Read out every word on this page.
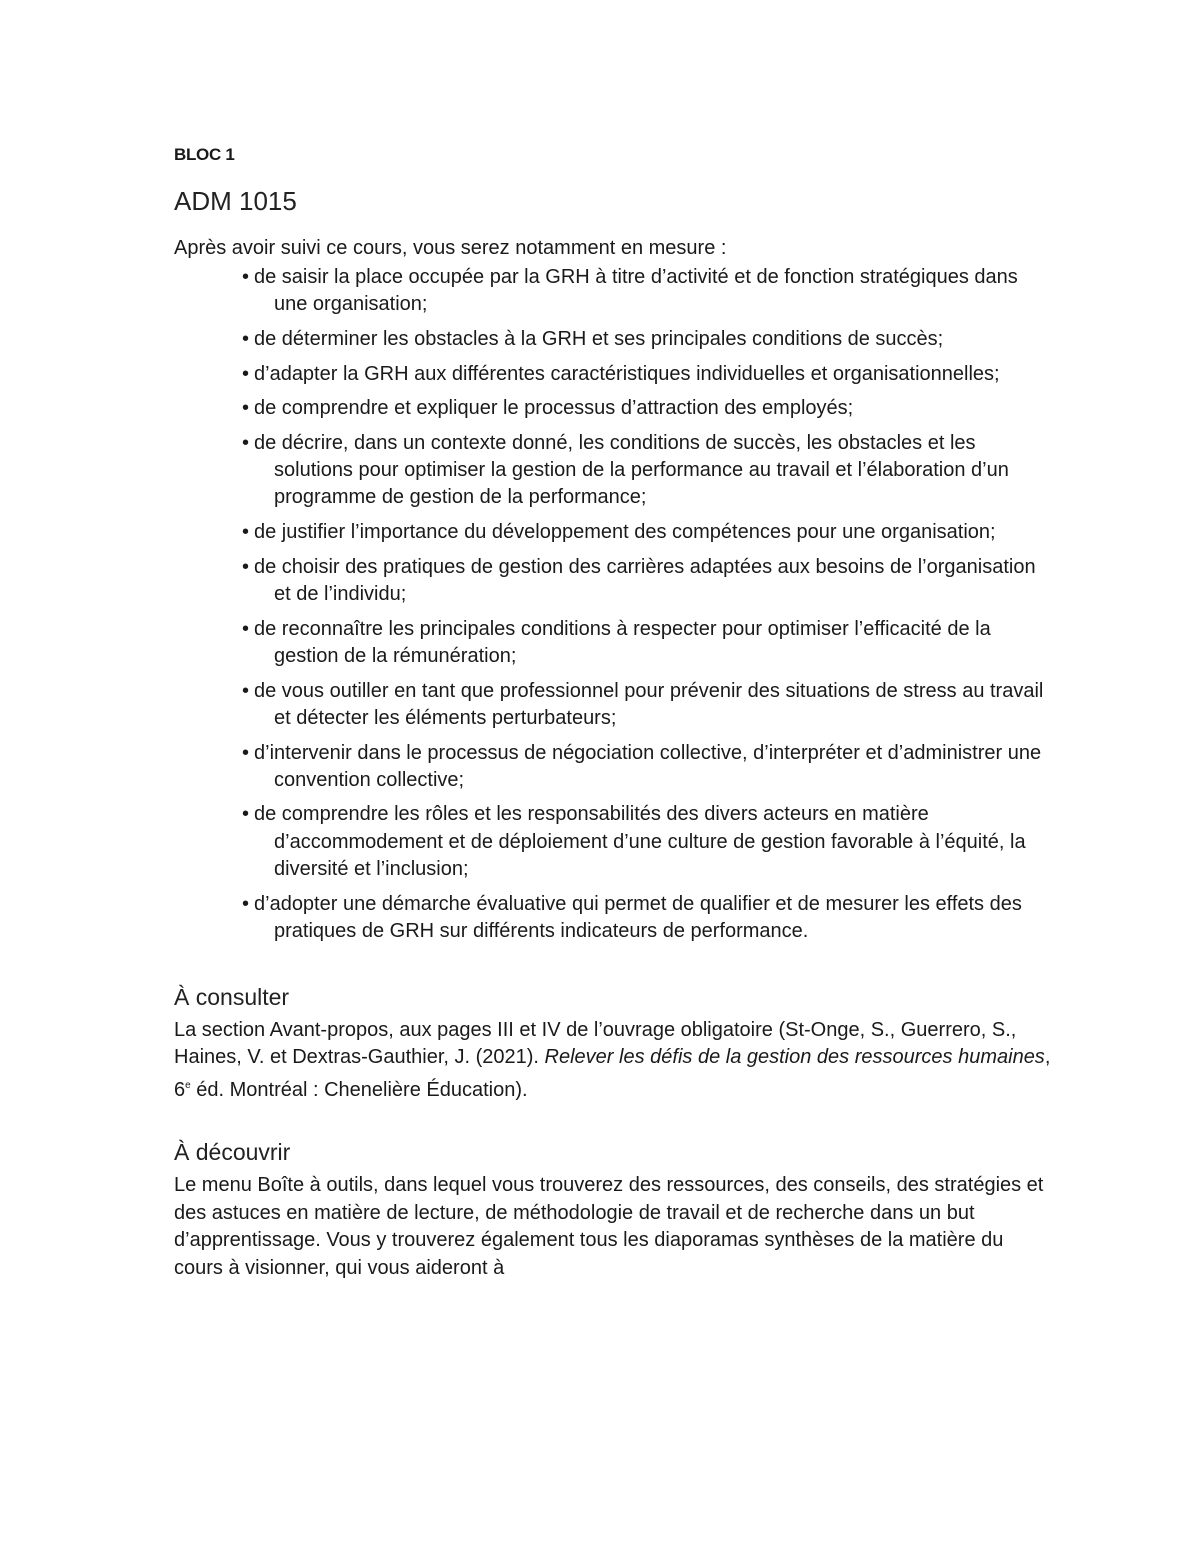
BLOC 1

ADM 1015

Après avoir suivi ce cours, vous serez notamment en mesure :

• de saisir la place occupée par la GRH à titre d’activité et de fonction stratégiques dans une organisation;
• de déterminer les obstacles à la GRH et ses principales conditions de succès;
• d’adapter la GRH aux différentes caractéristiques individuelles et organisationnelles;
• de comprendre et expliquer le processus d’attraction des employés;
• de décrire, dans un contexte donné, les conditions de succès, les obstacles et les solutions pour optimiser la gestion de la performance au travail et l’élaboration d’un programme de gestion de la performance;
• de justifier l’importance du développement des compétences pour une organisation;
• de choisir des pratiques de gestion des carrières adaptées aux besoins de l’organisation et de l’individu;
• de reconnaître les principales conditions à respecter pour optimiser l’efficacité de la gestion de la rémunération;
• de vous outiller en tant que professionnel pour prévenir des situations de stress au travail et détecter les éléments perturbateurs;
• d’intervenir dans le processus de négociation collective, d’interpréter et d’administrer une convention collective;
• de comprendre les rôles et les responsabilités des divers acteurs en matière d’accommodement et de déploiement d’une culture de gestion favorable à l’équité, la diversité et l’inclusion;
• d’adopter une démarche évaluative qui permet de qualifier et de mesurer les effets des pratiques de GRH sur différents indicateurs de performance.
À consulter

La section Avant-propos, aux pages III et IV de l’ouvrage obligatoire (St-Onge, S., Guerrero, S., Haines, V. et Dextras-Gauthier, J. (2021). Relever les défis de la gestion des ressources humaines, 6e éd. Montréal : Chenelière Éducation).

À découvrir

Le menu Boîte à outils, dans lequel vous trouverez des ressources, des conseils, des stratégies et des astuces en matière de lecture, de méthodologie de travail et de recherche dans un but d’apprentissage. Vous y trouverez également tous les diaporamas synthèses de la matière du cours à visionner, qui vous aideront à
